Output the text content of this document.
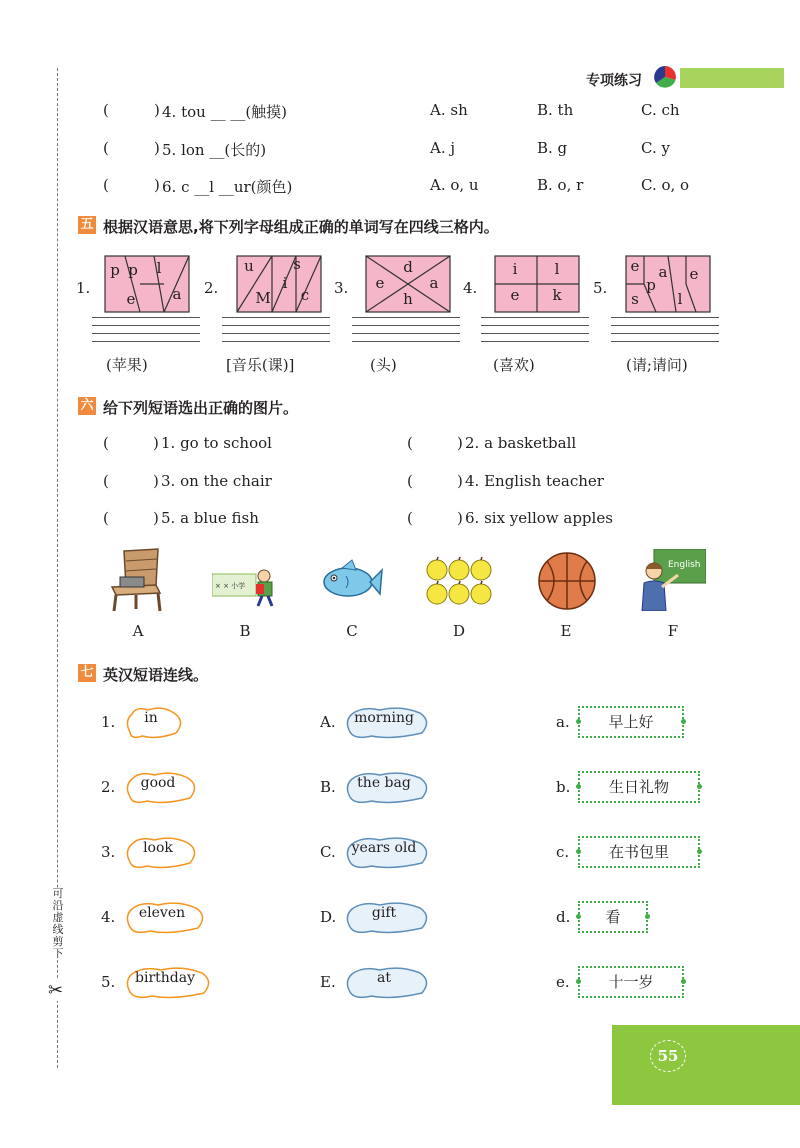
可沿虚线剪下
✂
专项练习
(	) 4. tou __ __(触摸)	A. sh	B. th	C. ch
(	) 5. lon __(长的)	A. j	B. g	C. y
(	) 6. c __l __ur(颜色)	A. o, u	B. o, r	C. o, o
五 根据汉语意思,将下列字母组成正确的单词写在四线三格内。
1.
p p l
e a
(苹果)
2.
u	s
M
i
c
[音乐(课)]
3.
d
e	a
h
(头)
4.
i l
e k
(喜欢)
5.
e a e
p
s	l
(请;请问)
六 给下列短语选出正确的图片。
(	) 1. go to school	(	) 2. a basketball
(	) 3. on the chair	(	) 4. English teacher
(	) 5. a blue fish	(	) 6. six yellow apples
× × 小学
English
A	B	C	D	E	F
七 英汉短语连线。
1.	in	A.	morning	a.	早上好
2.	good	B.	the bag	b.	生日礼物
3.	look	C.	years old	c.	在书包里
4.	eleven	D.	gift	d.	看
5.	birthday	E.	at	e.	十一岁
55
